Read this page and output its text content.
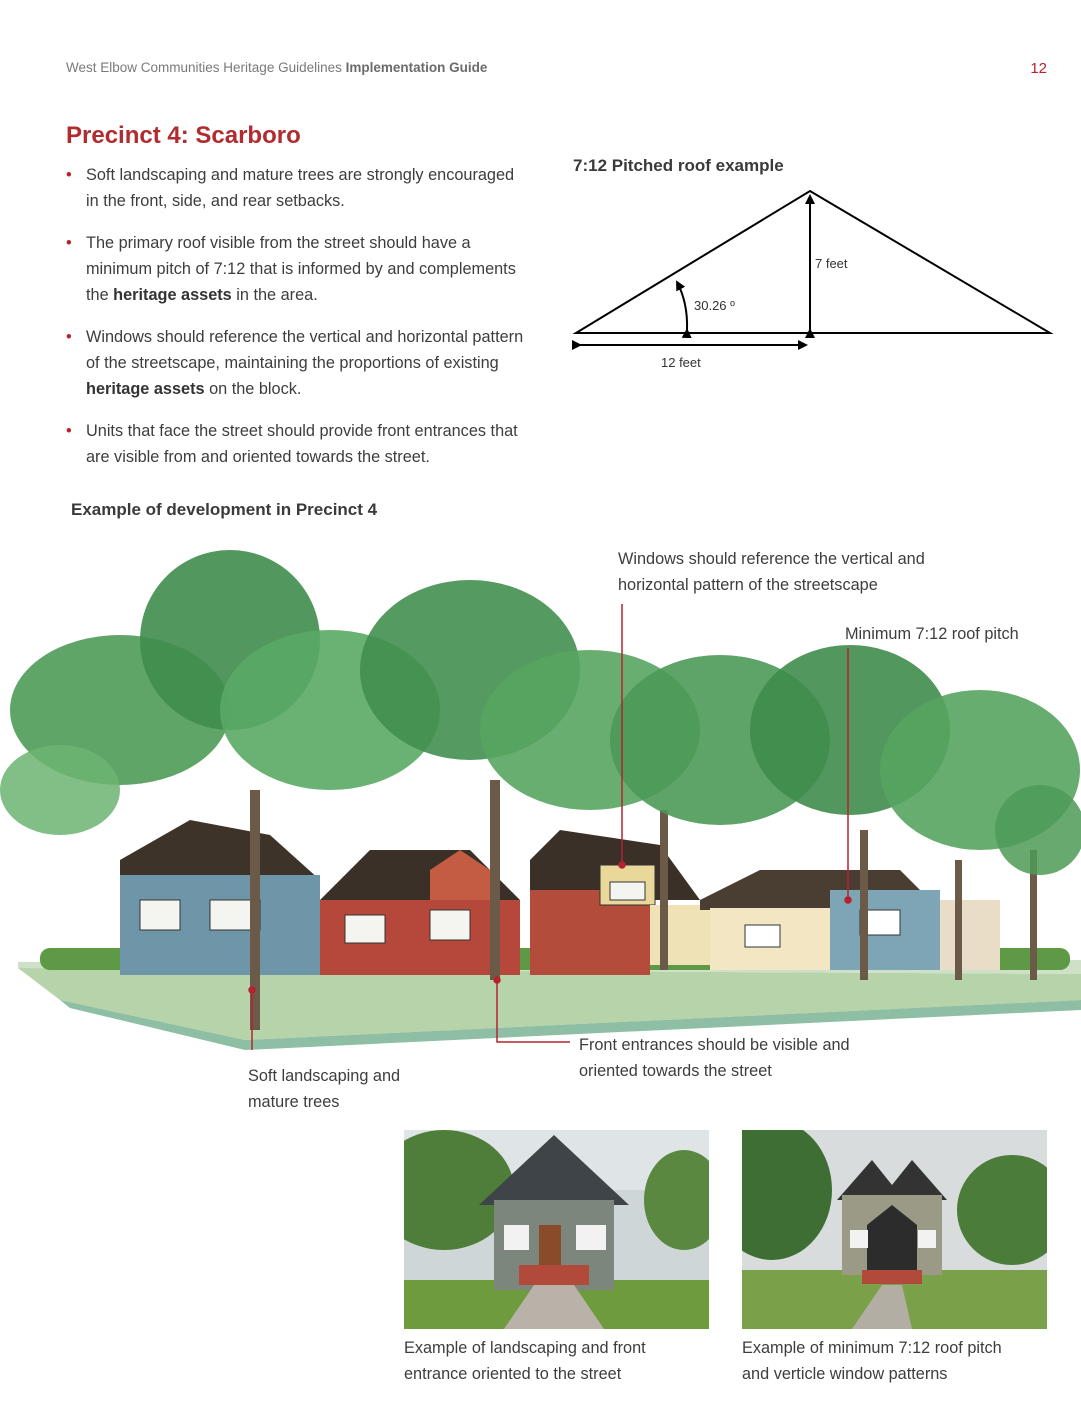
West Elbow Communities Heritage Guidelines Implementation Guide	12
Precinct 4: Scarboro
• Soft landscaping and mature trees are strongly encouraged in the front, side, and rear setbacks.
• The primary roof visible from the street should have a minimum pitch of 7:12 that is informed by and complements the heritage assets in the area.
• Windows should reference the vertical and horizontal pattern of the streetscape, maintaining the proportions of existing heritage assets on the block.
• Units that face the street should provide front entrances that are visible from and oriented towards the street.
7:12 Pitched roof example
7 feet
30.26 º
12 feet
Example of development in Precinct 4
Windows should reference the vertical and
horizontal pattern of the streetscape
Minimum 7:12 roof pitch
Soft landscaping and
mature trees
Front entrances should be visible and
oriented towards the street
Example of landscaping and front
entrance oriented to the street
Example of minimum 7:12 roof pitch
and verticle window patterns
